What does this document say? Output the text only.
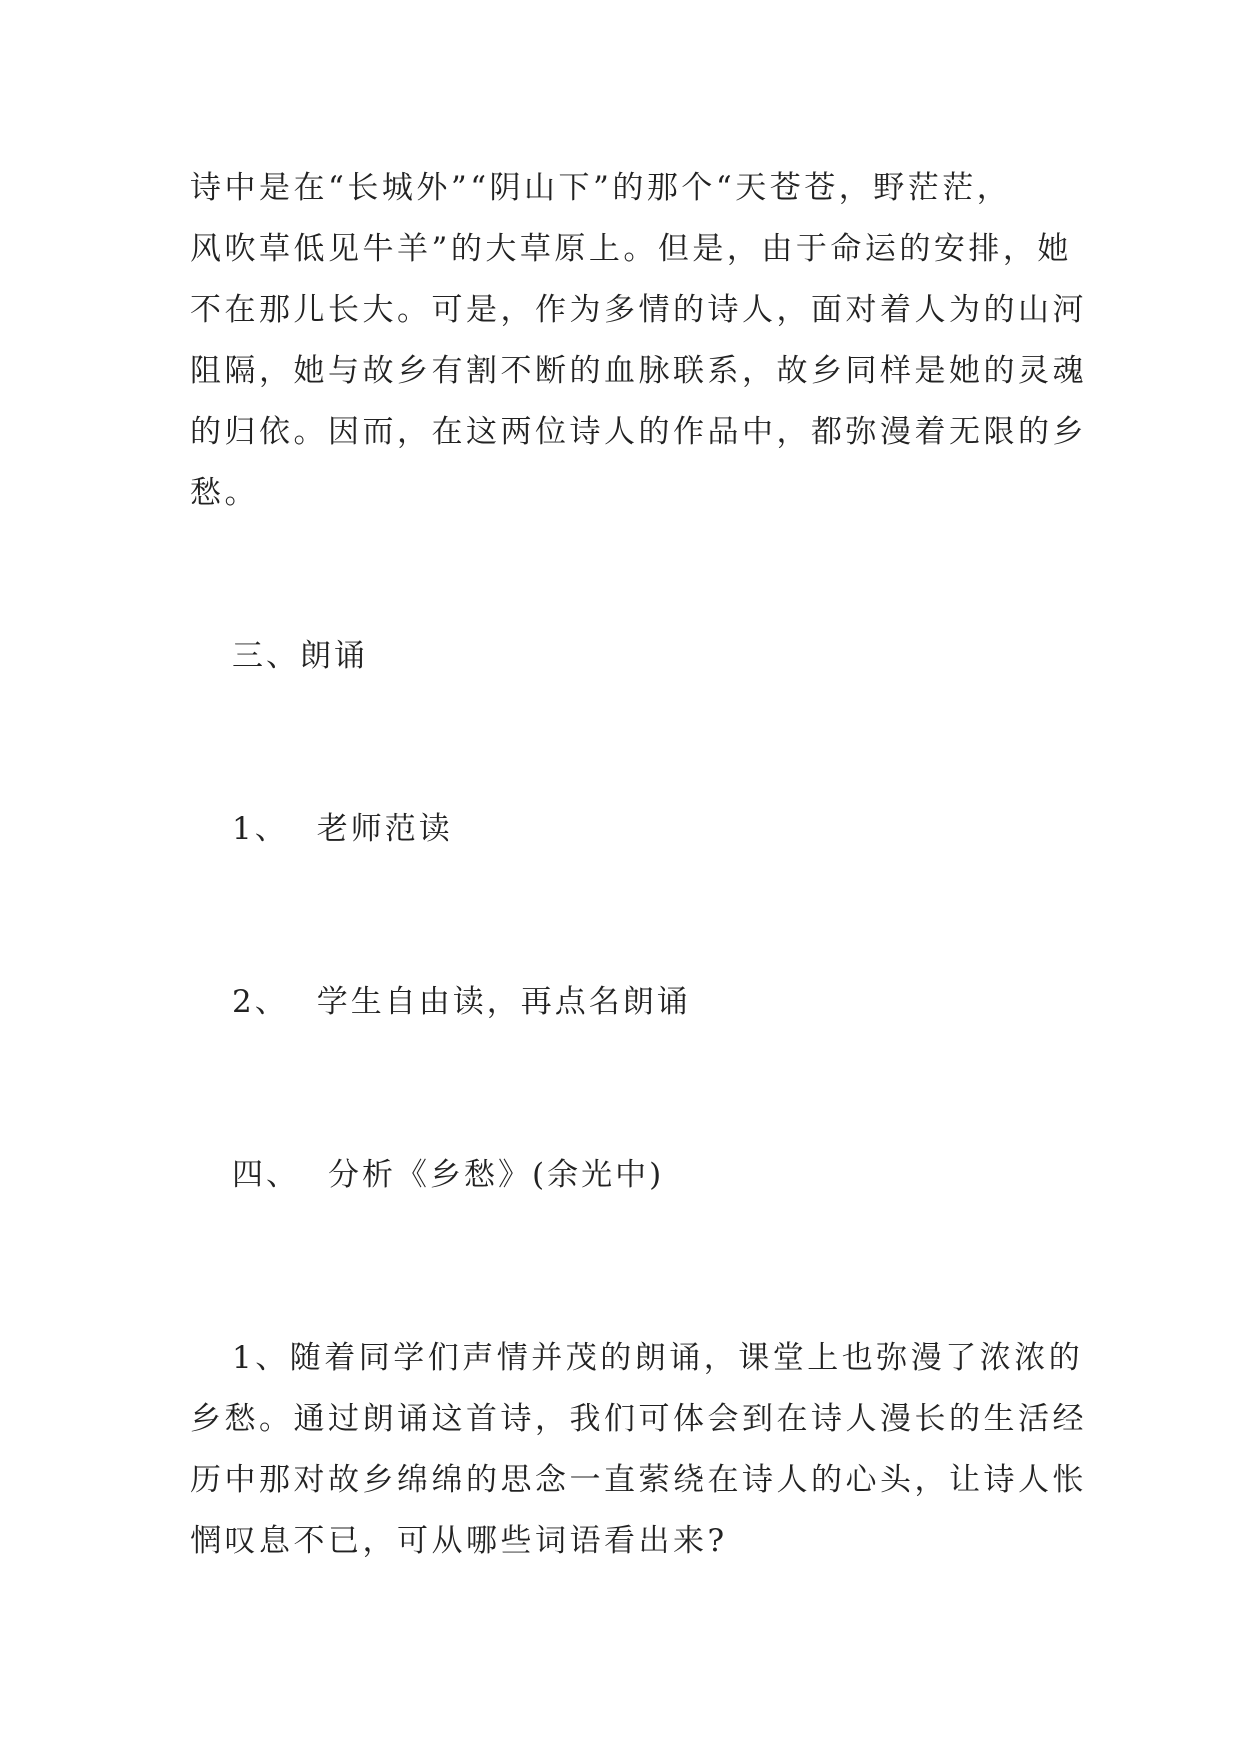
诗中是在“长城外”“阴山下”的那个“天苍苍，野茫茫，
风吹草低见牛羊”的大草原上。但是，由于命运的安排，她
不在那儿长大。可是，作为多情的诗人，面对着人为的山河
阻隔，她与故乡有割不断的血脉联系，故乡同样是她的灵魂
的归依。因而，在这两位诗人的作品中，都弥漫着无限的乡
愁。
三、朗诵
1、 老师范读
2、 学生自由读，再点名朗诵
四、 分析《乡愁》(余光中)
1、随着同学们声情并茂的朗诵，课堂上也弥漫了浓浓的
乡愁。通过朗诵这首诗，我们可体会到在诗人漫长的生活经
历中那对故乡绵绵的思念一直萦绕在诗人的心头，让诗人怅
惘叹息不已，可从哪些词语看出来?
